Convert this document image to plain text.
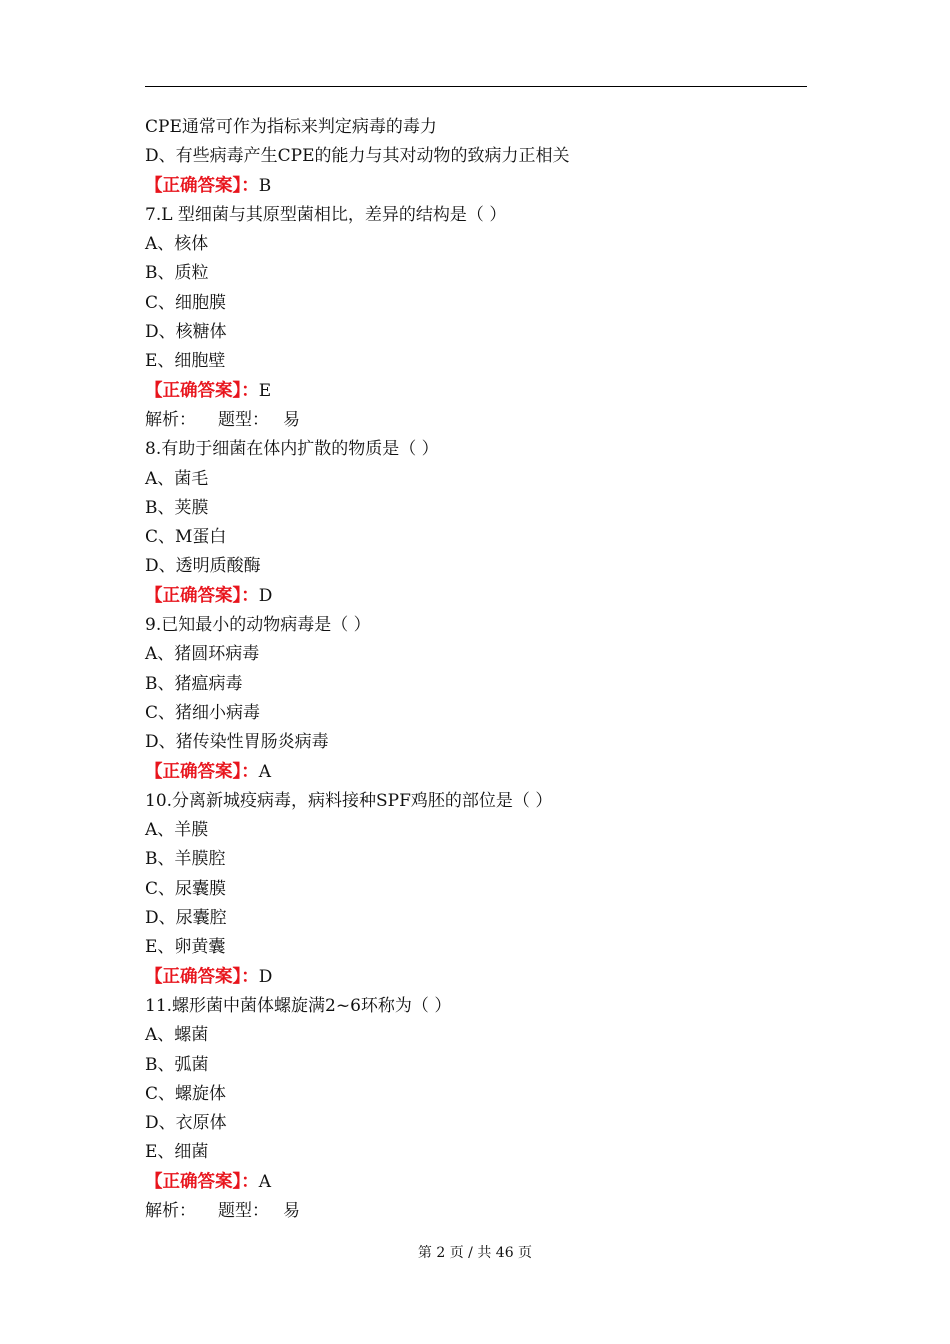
CPE通常可作为指标来判定病毒的毒力
D、有些病毒产生CPE的能力与其对动物的致病力正相关
【正确答案】：B
7.L 型细菌与其原型菌相比，差异的结构是（ ）
A、核体
B、质粒
C、细胞膜
D、核糖体
E、细胞壁
【正确答案】：E
解析： 题型： 易
8.有助于细菌在体内扩散的物质是（ ）
A、菌毛
B、荚膜
C、M蛋白
D、透明质酸酶
【正确答案】：D
9.已知最小的动物病毒是（ ）
A、猪圆环病毒
B、猪瘟病毒
C、猪细小病毒
D、猪传染性胃肠炎病毒
【正确答案】：A
10.分离新城疫病毒，病料接种SPF鸡胚的部位是（ ）
A、羊膜
B、羊膜腔
C、尿囊膜
D、尿囊腔
E、卵黄囊
【正确答案】：D
11.螺形菌中菌体螺旋满2~6环称为（ ）
A、螺菌
B、弧菌
C、螺旋体
D、衣原体
E、细菌
【正确答案】：A
解析： 题型： 易
第 2 页 / 共 46 页
